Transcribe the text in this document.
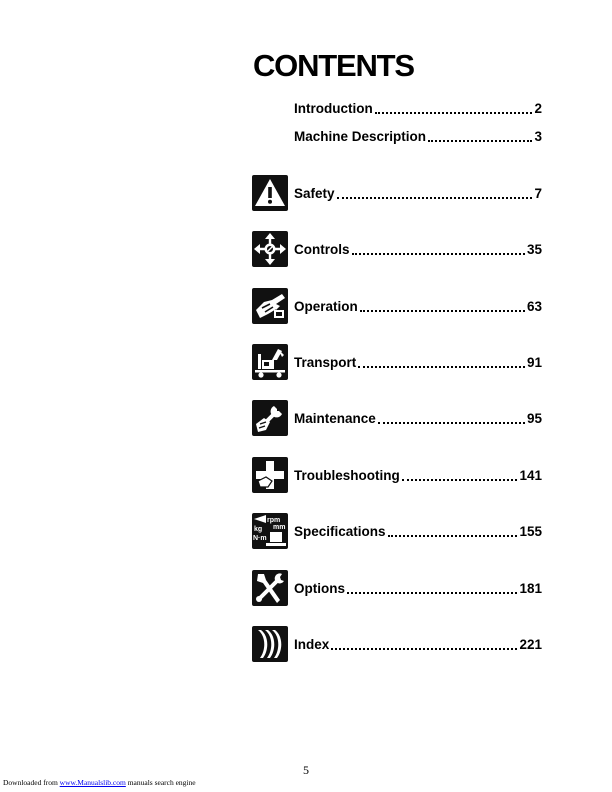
CONTENTS
Introduction	2
Machine Description	3
Safety	7
Controls	35
Operation	63
Transport	91
Maintenance	95
Troubleshooting	141
rpm
mm
kg
N·m Specifications	155
Options	181
Index	221
5
Downloaded from www.Manualslib.com manuals search engine
